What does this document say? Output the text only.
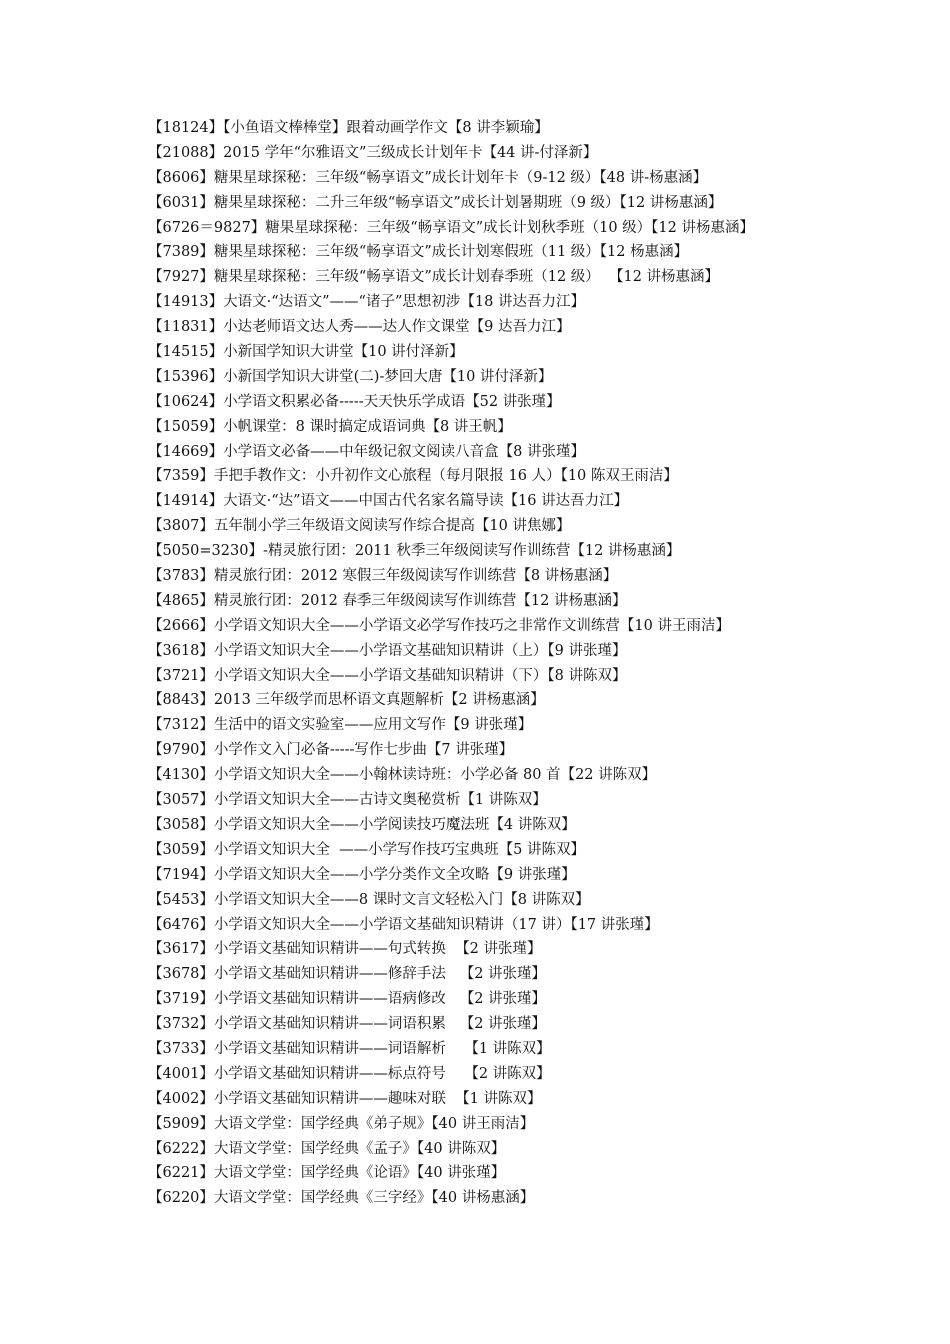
【18124】【小鱼语文棒棒堂】跟着动画学作文【8 讲李颖瑜】
【21088】2015 学年“尔雅语文”三级成长计划年卡【44 讲-付泽新】
【8606】糖果星球探秘：三年级“畅享语文”成长计划年卡（9-12 级）【48 讲-杨惠涵】
【6031】糖果星球探秘：二升三年级“畅享语文”成长计划暑期班（9 级）【12 讲杨惠涵】
【6726＝9827】糖果星球探秘：三年级“畅享语文”成长计划秋季班（10 级）【12 讲杨惠涵】
【7389】糖果星球探秘：三年级“畅享语文”成长计划寒假班（11 级）【12 杨惠涵】
【7927】糖果星球探秘：三年级“畅享语文”成长计划春季班（12 级）  【12 讲杨惠涵】
【14913】大语文·“达语文”——“诸子”思想初涉【18 讲达吾力江】
【11831】小达老师语文达人秀——达人作文课堂【9 达吾力江】
【14515】小新国学知识大讲堂【10 讲付泽新】
【15396】小新国学知识大讲堂(二)-梦回大唐【10 讲付泽新】
【10624】小学语文积累必备-----天天快乐学成语【52 讲张瑾】
【15059】小帆课堂：8 课时搞定成语词典【8 讲王帆】
【14669】小学语文必备——中年级记叙文阅读八音盒【8 讲张瑾】
【7359】手把手教作文：小升初作文心旅程（每月限报 16 人）【10 陈双王雨洁】
【14914】大语文·“达”语文——中国古代名家名篇导读【16 讲达吾力江】
【3807】五年制小学三年级语文阅读写作综合提高【10 讲焦娜】
【5050=3230】-精灵旅行团：2011 秋季三年级阅读写作训练营【12 讲杨惠涵】
【3783】精灵旅行团：2012 寒假三年级阅读写作训练营【8 讲杨惠涵】
【4865】精灵旅行团：2012 春季三年级阅读写作训练营【12 讲杨惠涵】
【2666】小学语文知识大全——小学语文必学写作技巧之非常作文训练营【10 讲王雨洁】
【3618】小学语文知识大全——小学语文基础知识精讲（上）【9 讲张瑾】
【3721】小学语文知识大全——小学语文基础知识精讲（下）【8 讲陈双】
【8843】2013 三年级学而思杯语文真题解析【2 讲杨惠涵】
【7312】生活中的语文实验室——应用文写作【9 讲张瑾】
【9790】小学作文入门必备-----写作七步曲【7 讲张瑾】
【4130】小学语文知识大全——小翰林读诗班：小学必备 80 首【22 讲陈双】
【3057】小学语文知识大全——古诗文奥秘赏析【1 讲陈双】
【3058】小学语文知识大全——小学阅读技巧魔法班【4 讲陈双】
【3059】小学语文知识大全  ——小学写作技巧宝典班【5 讲陈双】
【7194】小学语文知识大全——小学分类作文全攻略【9 讲张瑾】
【5453】小学语文知识大全——8 课时文言文轻松入门【8 讲陈双】
【6476】小学语文知识大全——小学语文基础知识精讲（17 讲）【17 讲张瑾】
【3617】小学语文基础知识精讲——句式转换  【2 讲张瑾】
【3678】小学语文基础知识精讲——修辞手法   【2 讲张瑾】
【3719】小学语文基础知识精讲——语病修改   【2 讲张瑾】
【3732】小学语文基础知识精讲——词语积累   【2 讲张瑾】
【3733】小学语文基础知识精讲——词语解析    【1 讲陈双】
【4001】小学语文基础知识精讲——标点符号    【2 讲陈双】
【4002】小学语文基础知识精讲——趣味对联  【1 讲陈双】
【5909】大语文学堂：国学经典《弟子规》【40 讲王雨洁】
【6222】大语文学堂：国学经典《孟子》【40 讲陈双】
【6221】大语文学堂：国学经典《论语》【40 讲张瑾】
【6220】大语文学堂：国学经典《三字经》【40 讲杨惠涵】
